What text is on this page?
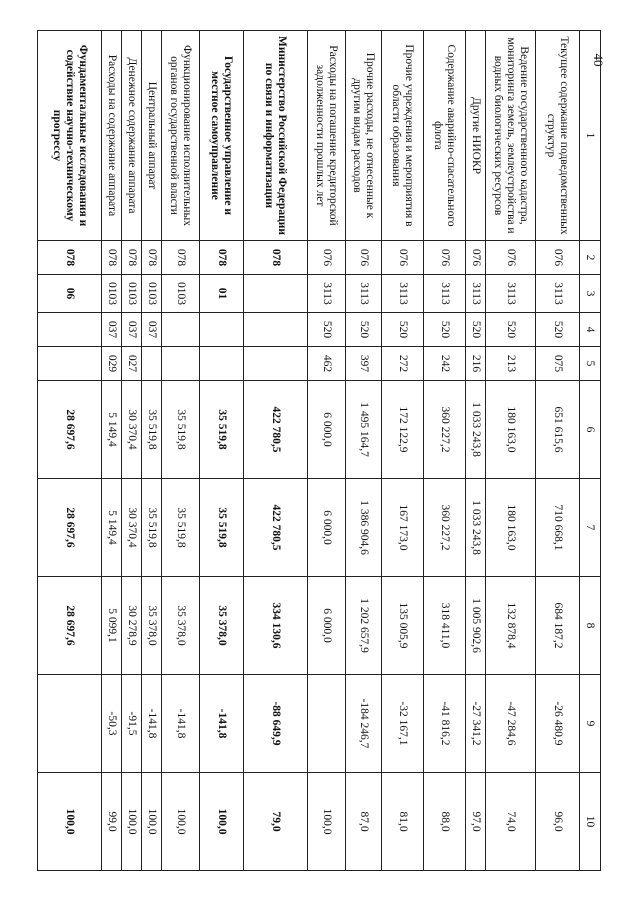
40
1	2	3	4	5	6	7	8	9	10
Текущее содержание подведомственных структур	076	3113	520	075	651 615,6	710 668,1	684 187,2	-26 480,9	96,0
Ведение государственного кадастра, мониторинга земель, землеустройства и водных биологических ресурсов	076	3113	520	213	180 163,0	180 163,0	132 878,4	-47 284,6	74,0
Другие НИОКР	076	3113	520	216	1 033 243,8	1 033 243,8	1 005 902,6	-27 341,2	97,0
Содержание аварийно-спасательного флота	076	3113	520	242	360 227,2	360 227,2	318 411,0	-41 816,2	88,0
Прочие учреждения и мероприятия в области образования	076	3113	520	272	172 122,9	167 173,0	135 005,9	-32 167,1	81,0
Прочие расходы, не отнесенные к другим видам расходов	076	3113	520	397	1 495 164,7	1 386 904,6	1 202 657,9	-184 246,7	87,0
Расходы на погашение кредиторской задолженности прошлых лет	076	3113	520	462	6 000,0	6 000,0	6 000,0		100,0
Министерство Российской Федерации по связи и информатизации	078				422 780,5	422 780,5	334 130,6	-88 649,9	79,0
Государственное управление и местное самоуправление	078	01			35 519,8	35 519,8	35 378,0	-141,8	100,0
Функционирование исполнительных органов государственной власти	078	0103			35 519,8	35 519,8	35 378,0	-141,8	100,0
Центральный аппарат	078	0103	037		35 519,8	35 519,8	35 378,0	-141,8	100,0
Денежное содержание аппарата	078	0103	037	027	30 370,4	30 370,4	30 278,9	-91,5	100,0
Расходы на содержание аппарата	078	0103	037	029	5 149,4	5 149,4	5 099,1	-50,3	99,0
Фундаментальные исследования и содействие научно-техническому прогрессу	078	06			28 697,6	28 697,6	28 697,6		100,0
